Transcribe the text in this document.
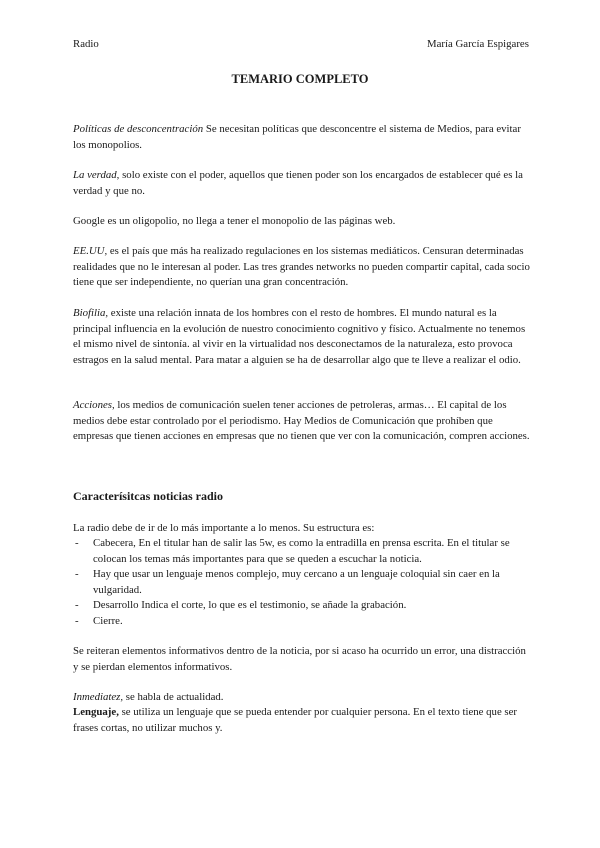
Radio	María García Espigares
TEMARIO COMPLETO
Políticas de desconcentración Se necesitan políticas que desconcentre el sistema de Medios, para evitar los monopolios.
La verdad, solo existe con el poder, aquellos que tienen poder son los encargados de establecer qué es la verdad y que no.
Google es un oligopolio, no llega a tener el monopolio de las páginas web.
EE.UU, es el país que más ha realizado regulaciones en los sistemas mediáticos. Censuran determinadas realidades que no le interesan al poder. Las tres grandes networks no pueden compartir capital, cada socio tiene que ser independiente, no querían una gran concentración.
Biofilia, existe una relación innata de los hombres con el resto de hombres. El mundo natural es la principal influencia en la evolución de nuestro conocimiento cognitivo y físico. Actualmente no tenemos el mismo nivel de sintonía. al vivir en la virtualidad nos desconectamos de la naturaleza, esto provoca estragos en la salud mental. Para matar a alguien se ha de desarrollar algo que te lleve a realizar el odio.
Acciones, los medios de comunicación suelen tener acciones de petroleras, armas… El capital de los medios debe estar controlado por el periodismo. Hay Medios de Comunicación que prohíben que empresas que tienen acciones en empresas que no tienen que ver con la comunicación, compren acciones.
Caracterísitcas noticias radio
La radio debe de ir de lo más importante a lo menos. Su estructura es:
- Cabecera, En el titular han de salir las 5w, es como la entradilla en prensa escrita. En el titular se colocan los temas más importantes para que se queden a escuchar la noticia.
- Hay que usar un lenguaje menos complejo, muy cercano a un lenguaje coloquial sin caer en la vulgaridad.
- Desarrollo Indica el corte, lo que es el testimonio, se añade la grabación.
- Cierre.
Se reiteran elementos informativos dentro de la noticia, por si acaso ha ocurrido un error, una distracción y se pierdan elementos informativos.
Inmediatez, se habla de actualidad.
Lenguaje, se utiliza un lenguaje que se pueda entender por cualquier persona. En el texto tiene que ser frases cortas, no utilizar muchos y.
